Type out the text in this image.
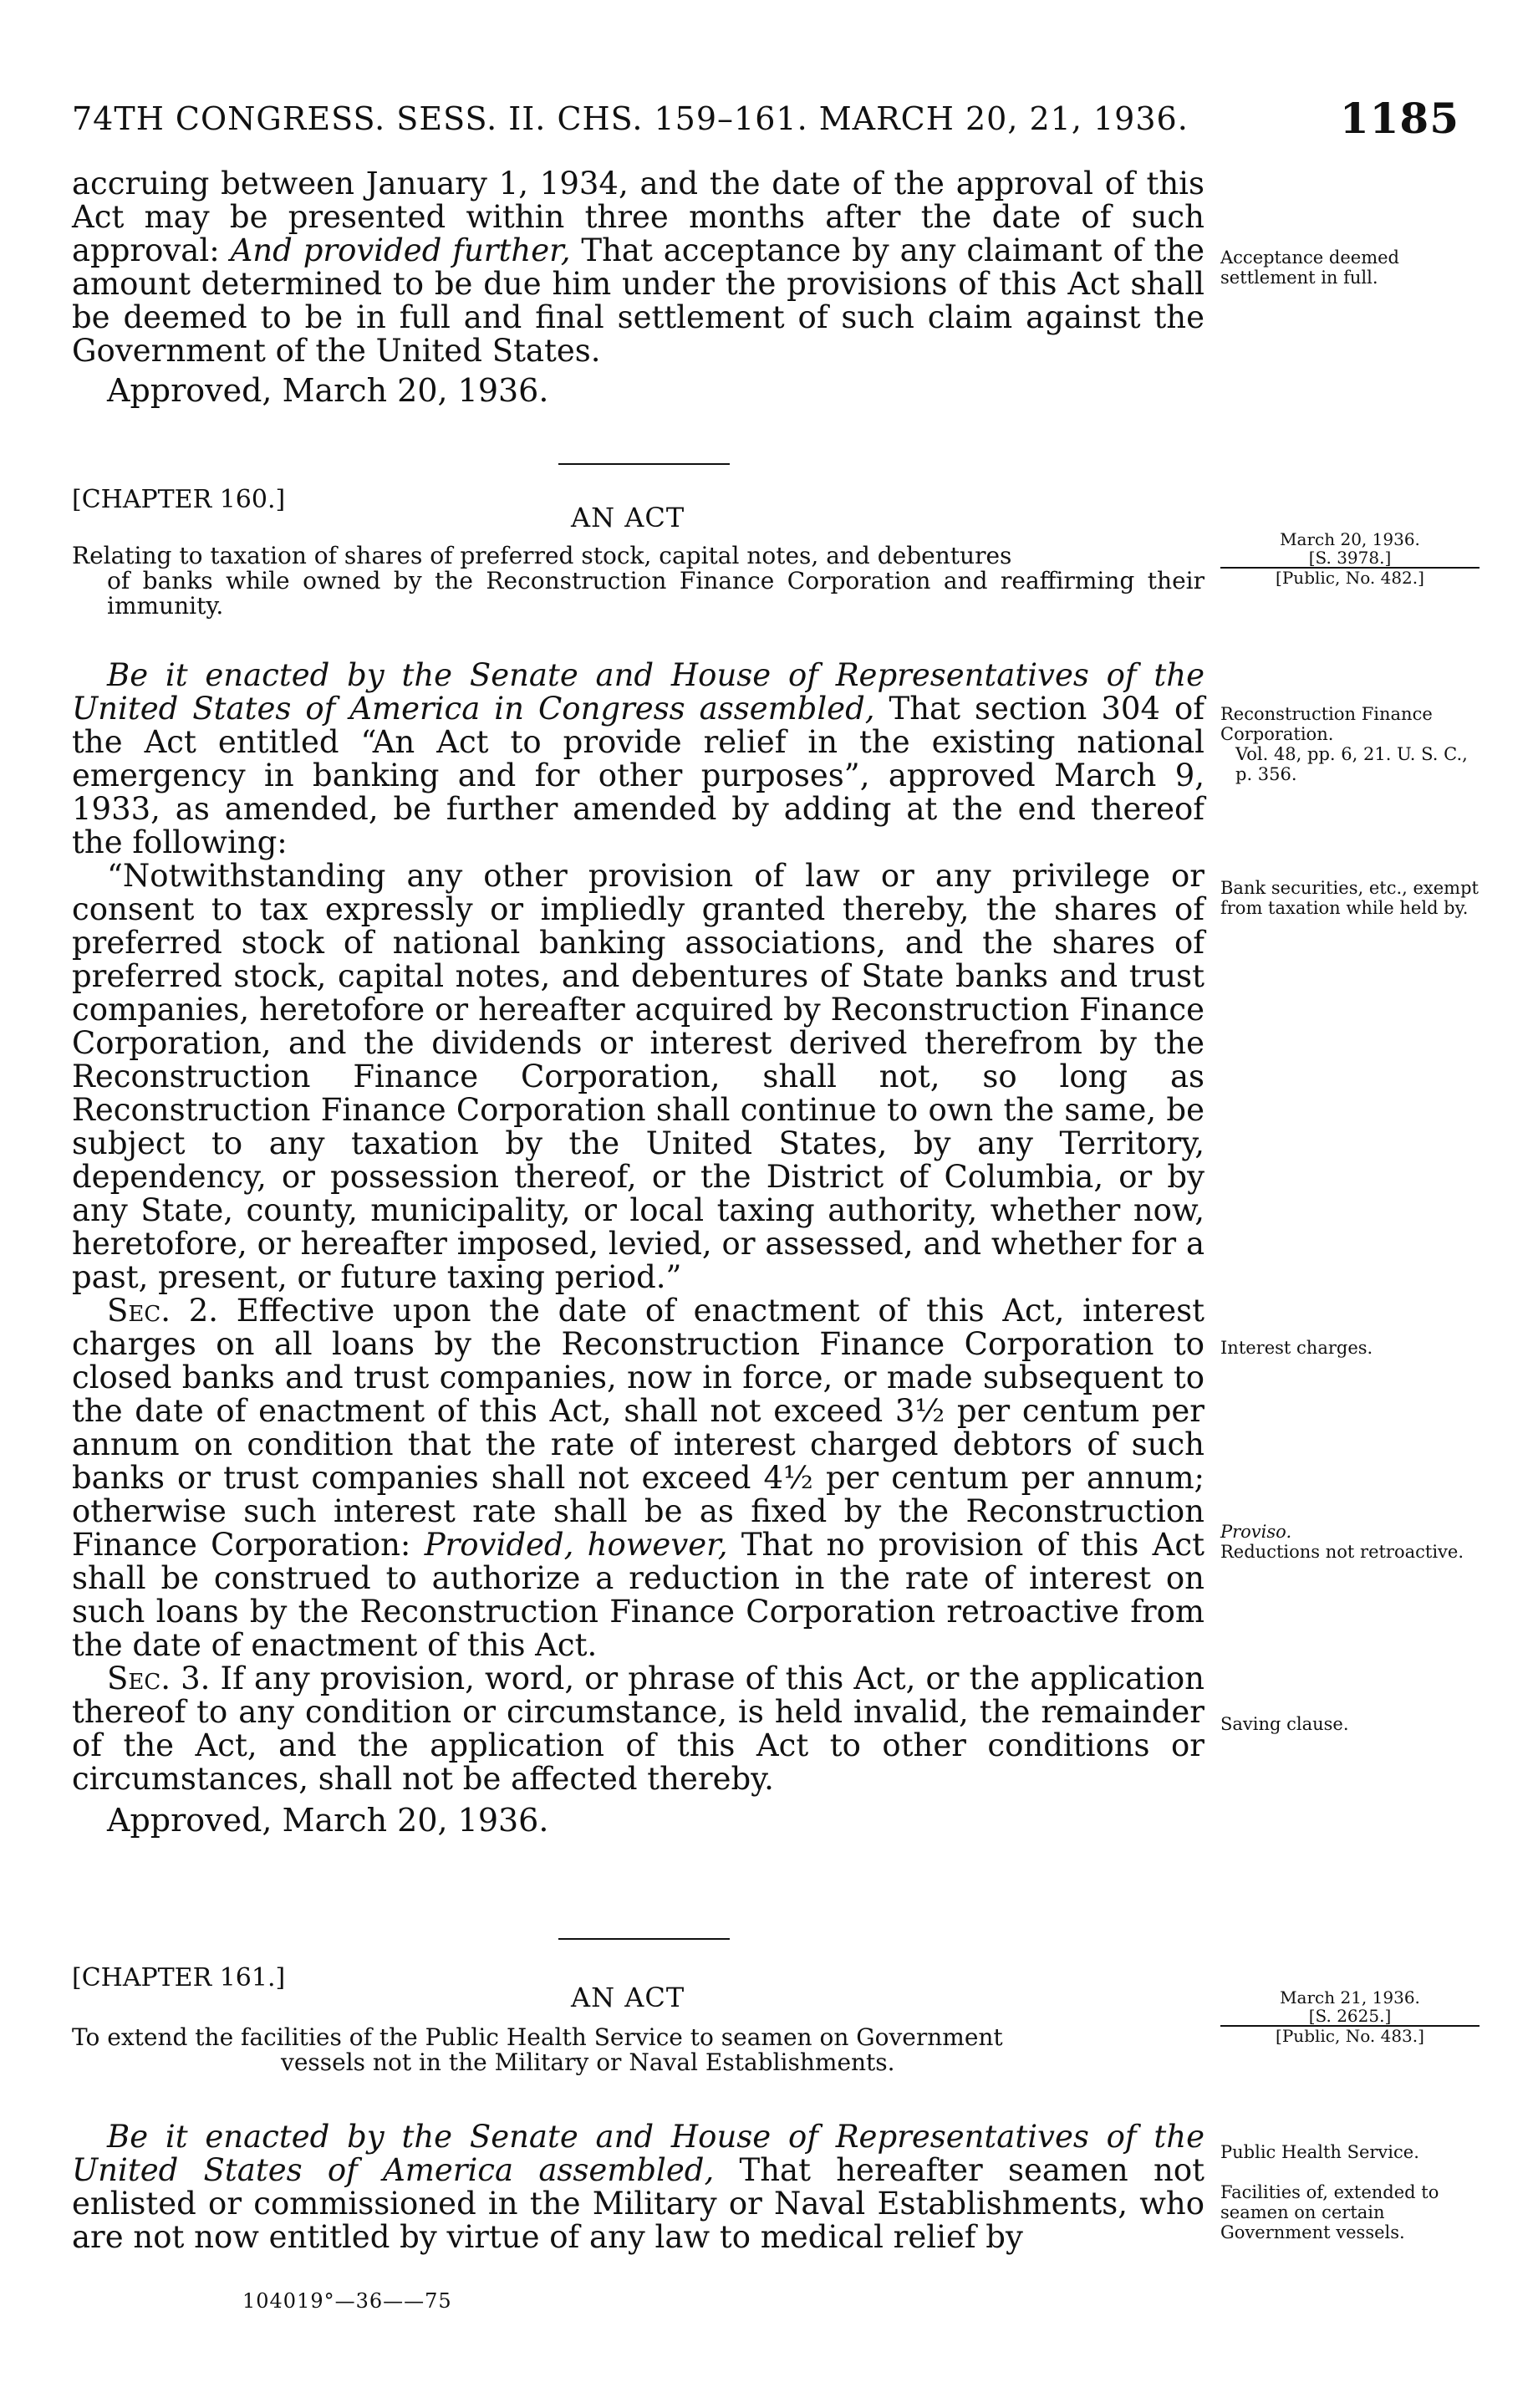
74TH CONGRESS. SESS. II. CHS. 159–161. MARCH 20, 21, 1936.	1185

accruing between January 1, 1934, and the date of the approval of this Act may be presented within three months after the date of such approval: And provided further, That acceptance by any claimant of the amount determined to be due him under the provisions of this Act shall be deemed to be in full and final settlement of such claim against the Government of the United States.

Approved, March 20, 1936.

Acceptance deemed settlement in full.
[CHAPTER 160.]
AN ACT
Relating to taxation of shares of preferred stock, capital notes, and debentures
of banks while owned by the Reconstruction Finance Corporation and reaffirming their immunity.
March 20, 1936.
[S. 3978.]
[Public, No. 482.]

Be it enacted by the Senate and House of Representatives of the United States of America in Congress assembled, That section 304 of the Act entitled “An Act to provide relief in the existing national emergency in banking and for other purposes”, approved March 9, 1933, as amended, be further amended by adding at the end thereof the following:

“Notwithstanding any other provision of law or any privilege or consent to tax expressly or impliedly granted thereby, the shares of preferred stock of national banking associations, and the shares of preferred stock, capital notes, and debentures of State banks and trust companies, heretofore or hereafter acquired by Reconstruction Finance Corporation, and the dividends or interest derived therefrom by the Reconstruction Finance Corporation, shall not, so long as Reconstruction Finance Corporation shall continue to own the same, be subject to any taxation by the United States, by any Territory, dependency, or possession thereof, or the District of Columbia, or by any State, county, municipality, or local taxing authority, whether now, heretofore, or hereafter imposed, levied, or assessed, and whether for a past, present, or future taxing period.”

Sec. 2. Effective upon the date of enactment of this Act, interest charges on all loans by the Reconstruction Finance Corporation to closed banks and trust companies, now in force, or made subsequent to the date of enactment of this Act, shall not exceed 3½ per centum per annum on condition that the rate of interest charged debtors of such banks or trust companies shall not exceed 4½ per centum per annum; otherwise such interest rate shall be as fixed by the Reconstruction Finance Corporation: Provided, however, That no provision of this Act shall be construed to authorize a reduction in the rate of interest on such loans by the Reconstruction Finance Corporation retroactive from the date of enactment of this Act.

Sec. 3. If any provision, word, or phrase of this Act, or the application thereof to any condition or circumstance, is held invalid, the remainder of the Act, and the application of this Act to other conditions or circumstances, shall not be affected thereby.

Approved, March 20, 1936.

Reconstruction Finance Corporation.
Vol. 48, pp. 6, 21. U. S. C., p. 356.
Bank securities, etc., exempt from taxation while held by.
Interest charges.
Proviso.
Reductions not retroactive.
Saving clause.
[CHAPTER 161.]
AN ACT
To extend the facilities of the Public Health Service to seamen on Government
vessels not in the Military or Naval Establishments.
March 21, 1936.
[S. 2625.]
[Public, No. 483.]

Be it enacted by the Senate and House of Representatives of the United States of America assembled, That hereafter seamen not enlisted or commissioned in the Military or Naval Establishments, who are not now entitled by virtue of any law to medical relief by

Public Health Service.
Facilities of, extended to seamen on certain Government vessels.
104019°—36——75
